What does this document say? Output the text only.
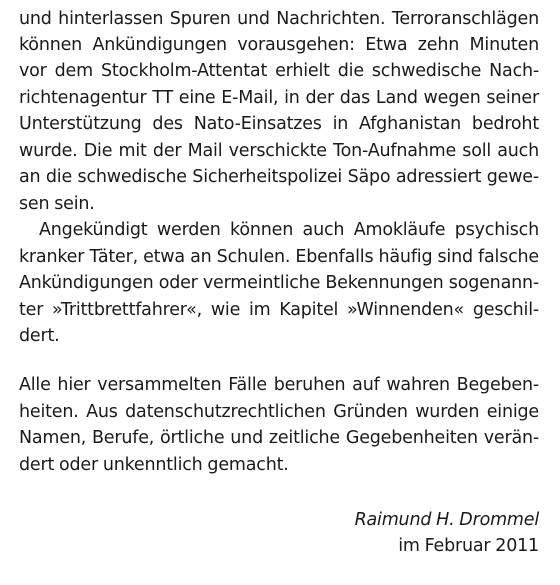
und hinterlassen Spuren und Nachrichten. Terroranschlägen
können Ankündigungen vorausgehen: Etwa zehn Minuten
vor dem Stockholm-Attentat erhielt die schwedische Nach-
richtenagentur TT eine E-Mail, in der das Land wegen seiner
Unterstützung des Nato-Einsatzes in Afghanistan bedroht
wurde. Die mit der Mail verschickte Ton-Aufnahme soll auch
an die schwedische Sicherheitspolizei Säpo adressiert gewe-
sen sein.
Angekündigt werden können auch Amokläufe psychisch
kranker Täter, etwa an Schulen. Ebenfalls häufig sind falsche
Ankündigungen oder vermeintliche Bekennungen sogenann-
ter »Trittbrettfahrer«, wie im Kapitel »Winnenden« geschil-
dert.
Alle hier versammelten Fälle beruhen auf wahren Begeben-
heiten. Aus datenschutzrechtlichen Gründen wurden einige
Namen, Berufe, örtliche und zeitliche Gegebenheiten verän-
dert oder unkenntlich gemacht.
Raimund H. Drommel
im Februar 2011
